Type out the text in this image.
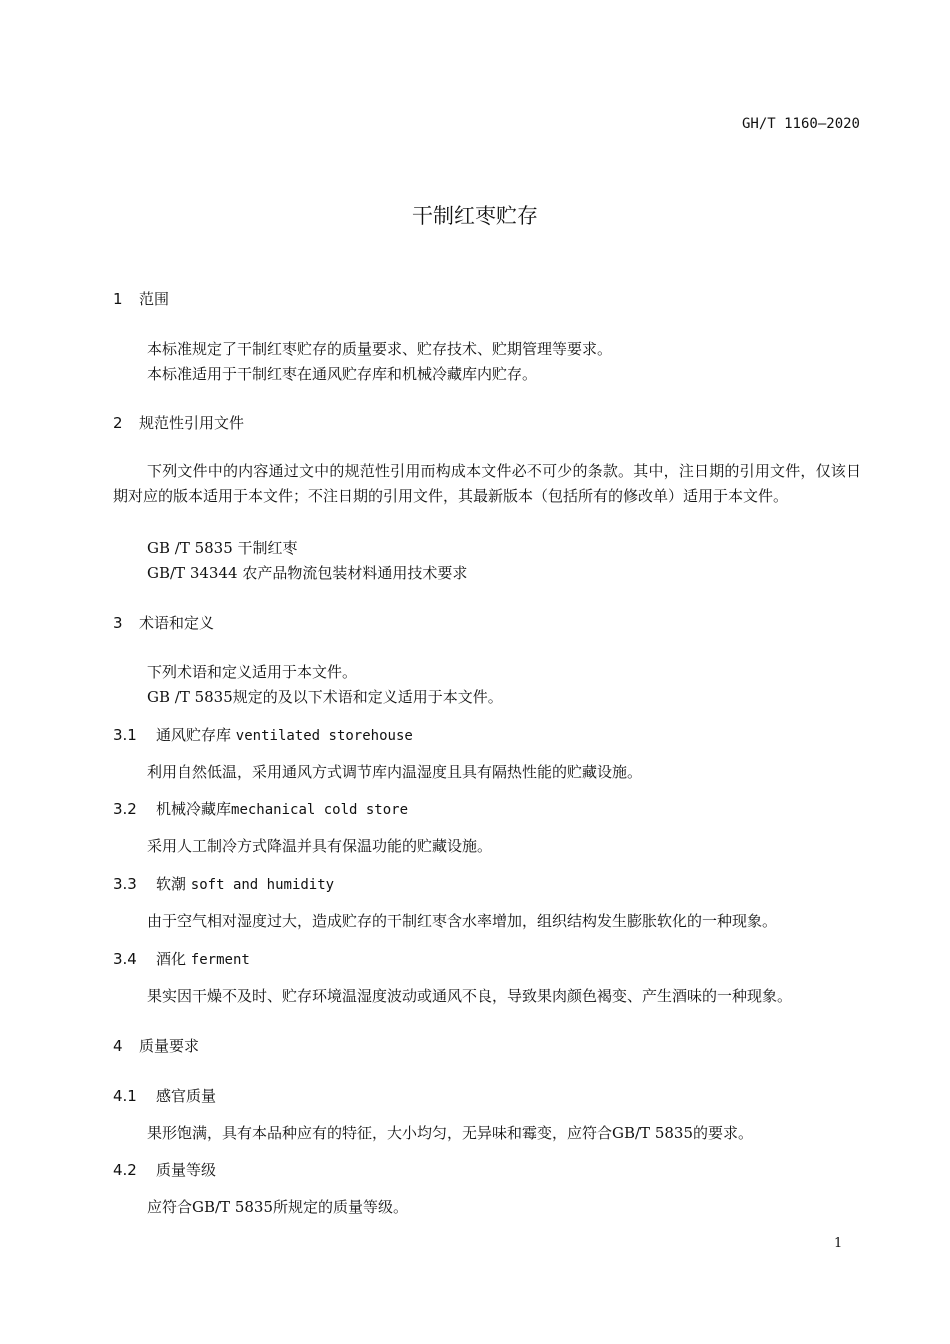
GH/T 1160—2020
干制红枣贮存
1 范围
本标准规定了干制红枣贮存的质量要求、贮存技术、贮期管理等要求。
本标准适用于干制红枣在通风贮存库和机械冷藏库内贮存。
2 规范性引用文件
下列文件中的内容通过文中的规范性引用而构成本文件必不可少的条款。其中，注日期的引用文件，仅该日期对应的版本适用于本文件；不注日期的引用文件，其最新版本（包括所有的修改单）适用于本文件。
GB /T 5835 干制红枣
GB/T 34344 农产品物流包装材料通用技术要求
3 术语和定义
下列术语和定义适用于本文件。
GB /T 5835规定的及以下术语和定义适用于本文件。
3.1 通风贮存库 ventilated storehouse
利用自然低温，采用通风方式调节库内温湿度且具有隔热性能的贮藏设施。
3.2 机械冷藏库mechanical cold store
采用人工制冷方式降温并具有保温功能的贮藏设施。
3.3 软潮 soft and humidity
由于空气相对湿度过大，造成贮存的干制红枣含水率增加，组织结构发生膨胀软化的一种现象。
3.4 酒化 ferment
果实因干燥不及时、贮存环境温湿度波动或通风不良，导致果肉颜色褐变、产生酒味的一种现象。
4 质量要求
4.1 感官质量
果形饱满，具有本品种应有的特征，大小均匀，无异味和霉变，应符合GB/T 5835的要求。
4.2 质量等级
应符合GB/T 5835所规定的质量等级。
1
